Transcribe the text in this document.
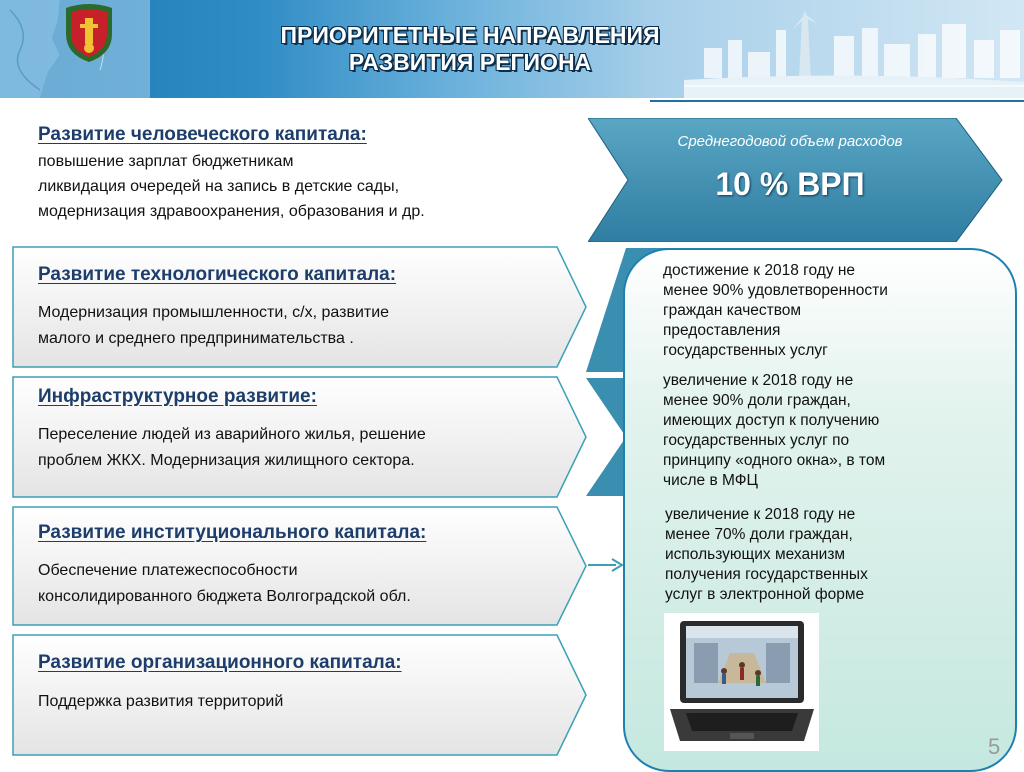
ПРИОРИТЕТНЫЕ НАПРАВЛЕНИЯ
РАЗВИТИЯ РЕГИОНА
Развитие человеческого капитала:
повышение зарплат бюджетникам
ликвидация очередей на запись в детские сады,
модернизация здравоохранения, образования и др.
Развитие технологического капитала:
Модернизация промышленности, с/х, развитие
малого и среднего предпринимательства .
Инфраструктурное развитие:
Переселение людей из аварийного жилья, решение
проблем ЖКХ. Модернизация жилищного сектора.
Развитие институционального капитала:
Обеспечение платежеспособности
консолидированного бюджета Волгоградской обл.
Развитие организационного капитала:
Поддержка развития территорий
Среднегодовой объем расходов
10 % ВРП
достижение к 2018 году не
менее 90% удовлетворенности
граждан качеством
предоставления
государственных услуг
увеличение к 2018 году не
менее 90% доли граждан,
имеющих доступ к получению
государственных услуг по
принципу «одного окна», в том
числе в МФЦ
увеличение к 2018 году не
менее 70% доли граждан,
использующих механизм
получения государственных
услуг в электронной форме
5
